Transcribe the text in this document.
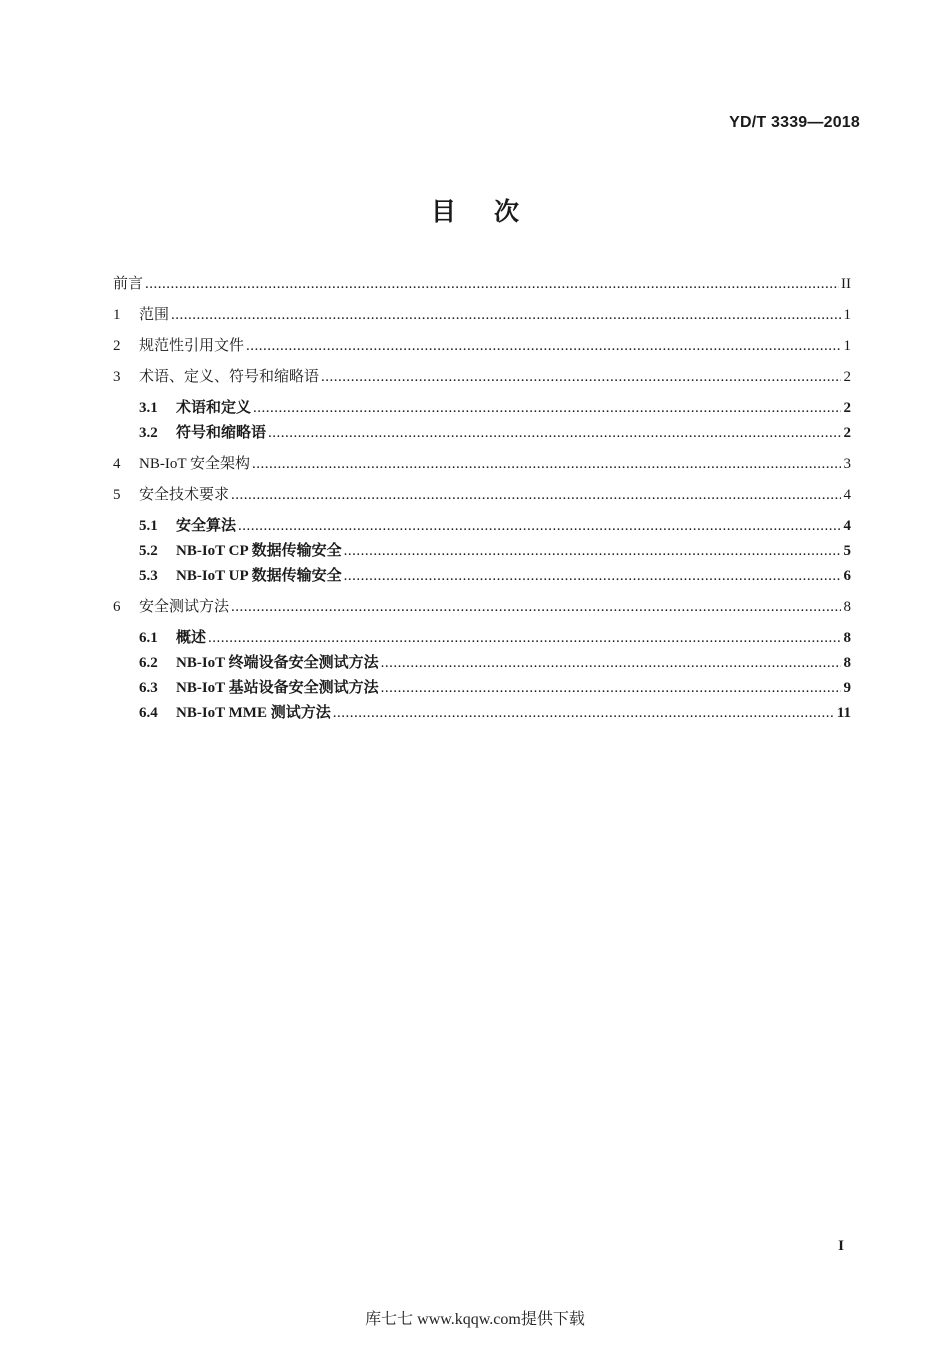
YD/T 3339—2018
目 次
前言 .....	II
1	范围 .....	1
2	规范性引用文件 .....	1
3	术语、定义、符号和缩略语 .....	2
3.1	术语和定义 .....	2
3.2	符号和缩略语 .....	2
4	NB-IoT 安全架构 .....	3
5	安全技术要求 .....	4
5.1	安全算法 .....	4
5.2	NB-IoT CP 数据传输安全 .....	5
5.3	NB-IoT UP 数据传输安全 .....	6
6	安全测试方法 .....	8
6.1	概述 .....	8
6.2	NB-IoT 终端设备安全测试方法 .....	8
6.3	NB-IoT 基站设备安全测试方法 .....	9
6.4	NB-IoT MME 测试方法 .....	11
I
库七七 www.kqqw.com提供下载
